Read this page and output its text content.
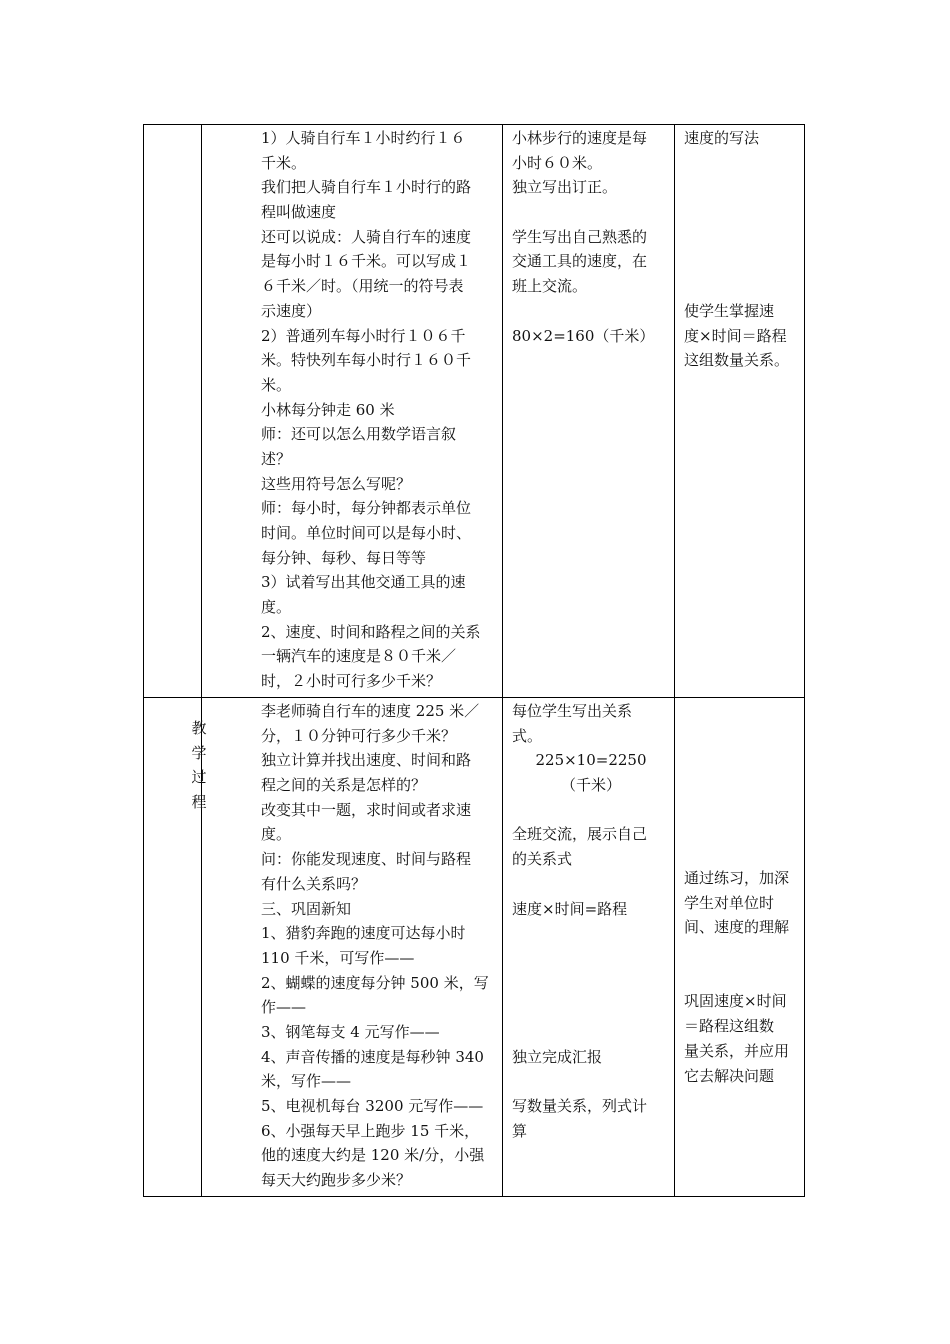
1）人骑自行车１小时约行１６
千米。
我们把人骑自行车１小时行的路
程叫做速度
还可以说成：人骑自行车的速度
是每小时１６千米。可以写成１
６千米／时。（用统一的符号表
示速度）
2）普通列车每小时行１０６千
米。特快列车每小时行１６０千
米。
小林每分钟走 60 米
师：还可以怎么用数学语言叙
述？
这些用符号怎么写呢？
师：每小时，每分钟都表示单位
时间。单位时间可以是每小时、
每分钟、每秒、每日等等
3）试着写出其他交通工具的速
度。
2、速度、时间和路程之间的关系
一辆汽车的速度是８０千米／
时，２小时可行多少千米？
小林步行的速度是每
小时６０米。
独立写出订正。
学生写出自己熟悉的
交通工具的速度，在
班上交流。
80×2=160（千米）
速度的写法
使学生掌握速
度×时间＝路程
这组数量关系。
教
学
过
程
李老师骑自行车的速度 225 米／
分，１０分钟可行多少千米？
独立计算并找出速度、时间和路
程之间的关系是怎样的？
改变其中一题，求时间或者求速
度。
问：你能发现速度、时间与路程
有什么关系吗？
三、巩固新知
1、猎豹奔跑的速度可达每小时
110 千米，可写作——
2、蝴蝶的速度每分钟 500 米，写
作——
3、钢笔每支 4 元写作——
4、声音传播的速度是每秒钟 340
米，写作——
5、电视机每台 3200 元写作——
6、小强每天早上跑步 15 千米，
他的速度大约是 120 米/分，小强
每天大约跑步多少米？
每位学生写出关系
式。
225×10=2250
（千米）
全班交流，展示自己
的关系式
速度×时间=路程
独立完成汇报
写数量关系，列式计
算
通过练习，加深
学生对单位时
间、速度的理解
巩固速度×时间
＝路程这组数
量关系，并应用
它去解决问题
